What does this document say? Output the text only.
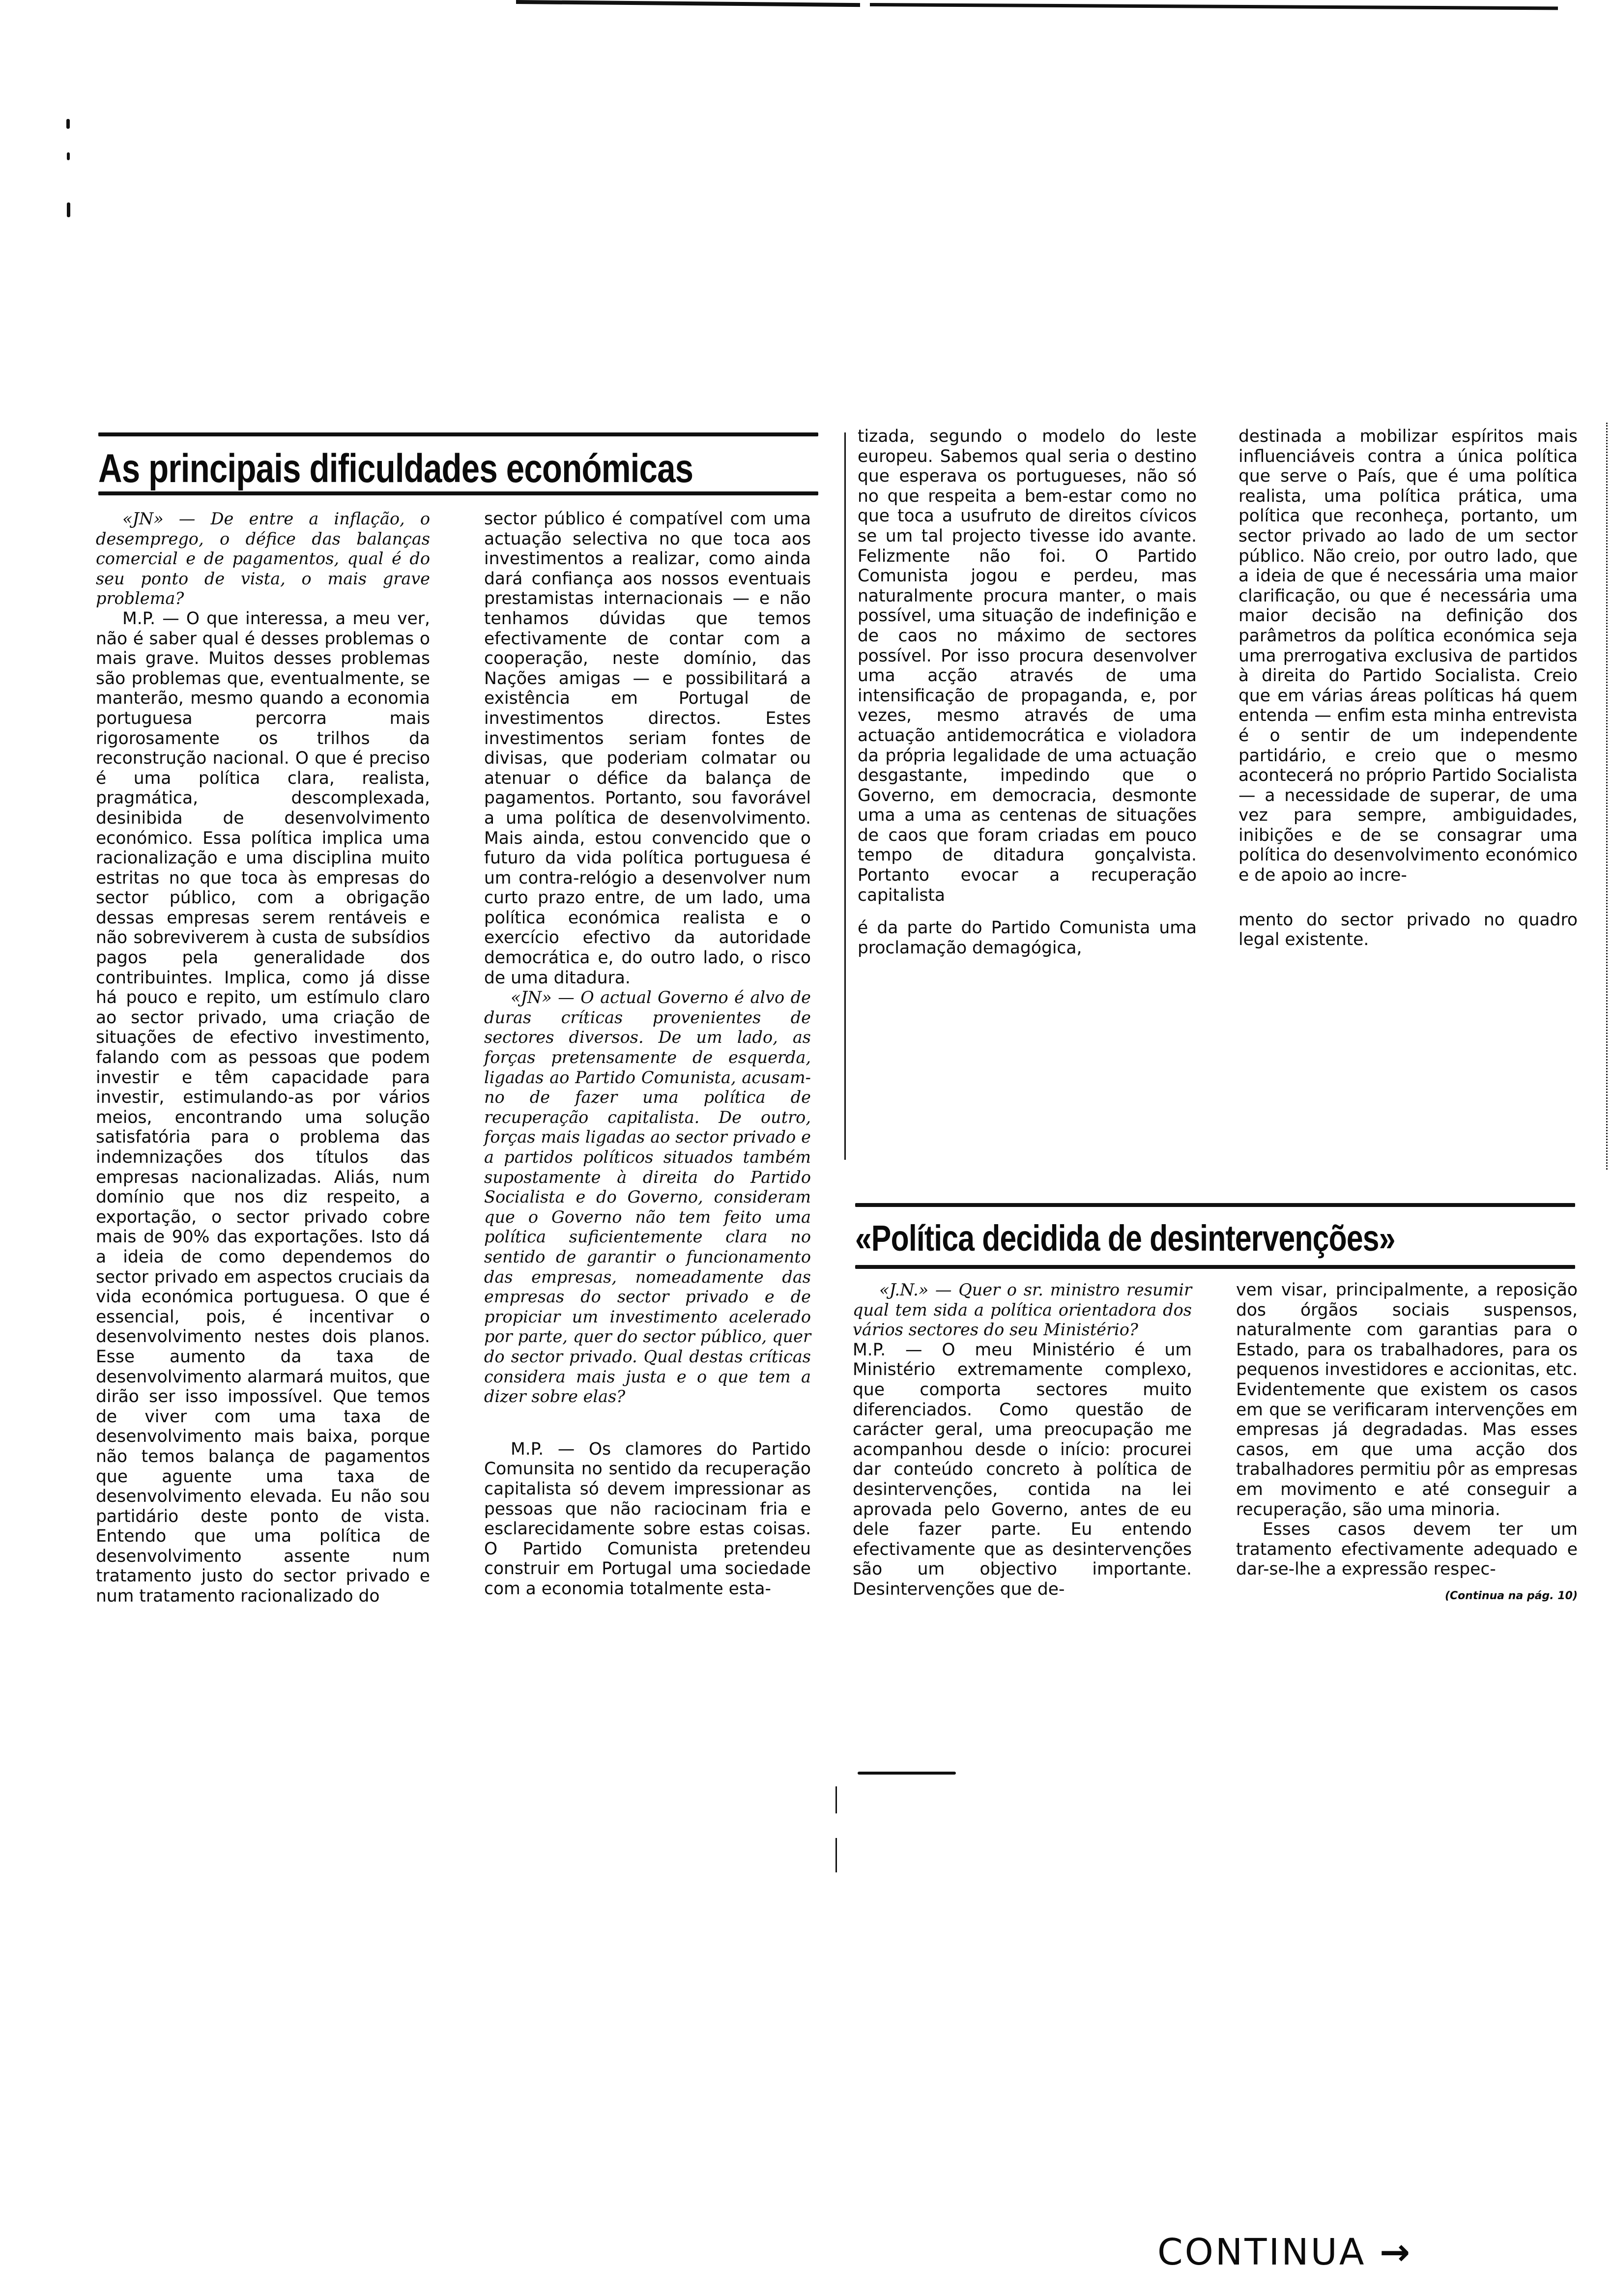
As principais dificuldades económicas

«JN» — De entre a inflação, o desemprego, o défice das balanças comercial e de pagamentos, qual é do seu ponto de vista, o mais grave problema?

M.P. — O que interessa, a meu ver, não é saber qual é desses problemas o mais grave. Muitos desses problemas são problemas que, eventualmente, se manterão, mesmo quando a economia portuguesa percorra mais rigorosamente os trilhos da reconstrução nacional. O que é preciso é uma política clara, realista, pragmática, descomplexada, desinibida de desenvolvimento económico. Essa política implica uma racionalização e uma disciplina muito estritas no que toca às empresas do sector público, com a obrigação dessas empresas serem rentáveis e não sobreviverem à custa de subsídios pagos pela generalidade dos contribuintes. Implica, como já disse há pouco e repito, um estímulo claro ao sector privado, uma criação de situações de efectivo investimento, falando com as pessoas que podem investir e têm capacidade para investir, estimulando-as por vários meios, encontrando uma solução satisfatória para o problema das indemnizações dos títulos das empresas nacionalizadas. Aliás, num domínio que nos diz respeito, a exportação, o sector privado cobre mais de 90% das exportações. Isto dá a ideia de como dependemos do sector privado em aspectos cruciais da vida económica portuguesa. O que é essencial, pois, é incentivar o desenvolvimento nestes dois planos. Esse aumento da taxa de desenvolvimento alarmará muitos, que dirão ser isso impossível. Que temos de viver com uma taxa de desenvolvimento mais baixa, porque não temos balança de pagamentos que aguente uma taxa de desenvolvimento elevada. Eu não sou partidário deste ponto de vista. Entendo que uma política de desenvolvimento assente num tratamento justo do sector privado e num tratamento racionalizado do

sector público é compatível com uma actuação selectiva no que toca aos investimentos a realizar, como ainda dará confiança aos nossos eventuais prestamistas internacionais — e não tenhamos dúvidas que temos efectivamente de contar com a cooperação, neste domínio, das Nações amigas — e possibilitará a existência em Portugal de investimentos directos. Estes investimentos seriam fontes de divisas, que poderiam colmatar ou atenuar o défice da balança de pagamentos. Portanto, sou favorável a uma política de desenvolvimento. Mais ainda, estou convencido que o futuro da vida política portuguesa é um contra-relógio a desenvolver num curto prazo entre, de um lado, uma política económica realista e o exercício efectivo da autoridade democrática e, do outro lado, o risco de uma ditadura.

«JN» — O actual Governo é alvo de duras críticas provenientes de sectores diversos. De um lado, as forças pretensamente de esquerda, ligadas ao Partido Comunista, acusam-no de fazer uma política de recuperação capitalista. De outro, forças mais ligadas ao sector privado e a partidos políticos situados também supostamente à direita do Partido Socialista e do Governo, consideram que o Governo não tem feito uma política suficientemente clara no sentido de garantir o funcionamento das empresas, nomeadamente das empresas do sector privado e de propiciar um investimento acelerado por parte, quer do sector público, quer do sector privado. Qual destas críticas considera mais justa e o que tem a dizer sobre elas?

M.P. — Os clamores do Partido Comunsita no sentido da recuperação capitalista só devem impressionar as pessoas que não raciocinam fria e esclarecidamente sobre estas coisas. O Partido Comunista pretendeu construir em Portugal uma sociedade com a economia totalmente esta-

tizada, segundo o modelo do leste europeu. Sabemos qual seria o destino que esperava os portugueses, não só no que respeita a bem-estar como no que toca a usufruto de direitos cívicos se um tal projecto tivesse ido avante. Felizmente não foi. O Partido Comunista jogou e perdeu, mas naturalmente procura manter, o mais possível, uma situação de indefinição e de caos no máximo de sectores possível. Por isso procura desenvolver uma acção através de uma intensificação de propaganda, e, por vezes, mesmo através de uma actuação antidemocrática e violadora da própria legalidade de uma actuação desgastante, impedindo que o Governo, em democracia, desmonte uma a uma as centenas de situações de caos que foram criadas em pouco tempo de ditadura gonçalvista. Portanto evocar a recuperação capitalista

é da parte do Partido Comunista uma proclamação demagógica,

destinada a mobilizar espíritos mais influenciáveis contra a única política que serve o País, que é uma política realista, uma política prática, uma política que reconheça, portanto, um sector privado ao lado de um sector público. Não creio, por outro lado, que a ideia de que é necessária uma maior clarificação, ou que é necessária uma maior decisão na definição dos parâmetros da política económica seja uma prerrogativa exclusiva de partidos à direita do Partido Socialista. Creio que em várias áreas políticas há quem entenda — enfim esta minha entrevista é o sentir de um independente partidário, e creio que o mesmo acontecerá no próprio Partido Socialista — a necessidade de superar, de uma vez para sempre, ambiguidades, inibições e de se consagrar uma política do desenvolvimento económico e de apoio ao incre-

mento do sector privado no quadro legal existente.

«Política decidida de desintervenções»

«J.N.» — Quer o sr. ministro resumir qual tem sida a política orientadora dos vários sectores do seu Ministério?

M.P. — O meu Ministério é um Ministério extremamente complexo, que comporta sectores muito diferenciados. Como questão de carácter geral, uma preocupação me acompanhou desde o início: procurei dar conteúdo concreto à política de desintervenções, contida na lei aprovada pelo Governo, antes de eu dele fazer parte. Eu entendo efectivamente que as desintervenções são um objectivo importante. Desintervenções que de-

vem visar, principalmente, a reposição dos órgãos sociais suspensos, naturalmente com garantias para o Estado, para os trabalhadores, para os pequenos investidores e accionitas, etc. Evidentemente que existem os casos em que se verificaram intervenções em empresas já degradadas. Mas esses casos, em que uma acção dos trabalhadores permitiu pôr as empresas em movimento e até conseguir a recuperação, são uma minoria.

Esses casos devem ter um tratamento efectivamente adequado e dar-se-lhe a expressão respec-

(Continua na pág. 10)

CONTINUA →
